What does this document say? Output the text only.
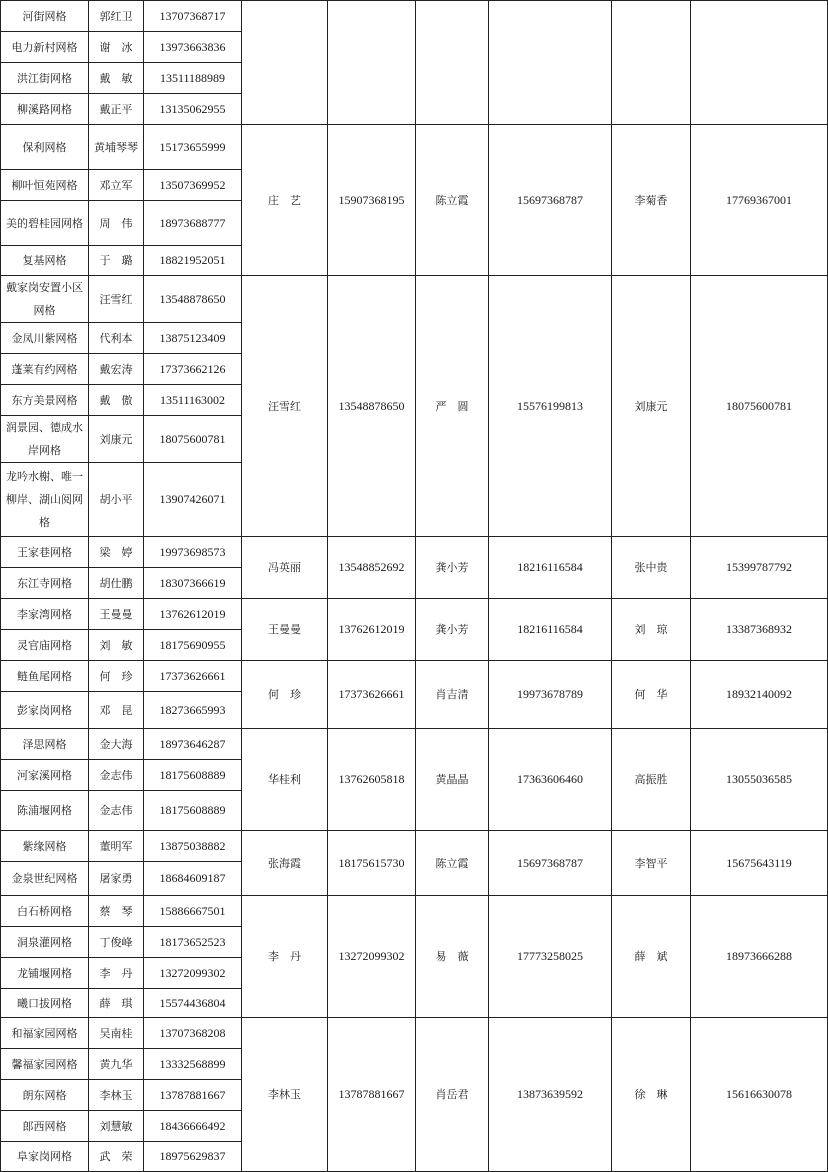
河街网格	郭红卫	13707368717						
电力新村网格	谢　冰	13973663836						
洪江街网格	戴　敏	13511188989						
柳溪路网格	戴正平	13135062955						
保利网格	黄埔琴琴	15173655999	庄　艺	15907368195	陈立霞	15697368787	李菊香	17769367001
柳叶恒苑网格	邓立军	13507369952						
美的碧桂园网格	周　伟	18973688777						
复基网格	于　璐	18821952051						
戴家岗安置小区网格	汪雪红	13548878650	汪雪红	13548878650	严　圆	15576199813	刘康元	18075600781
金凤川紫网格	代利本	13875123409						
蓬莱有约网格	戴宏涛	17373662126						
东方美景网格	戴　傲	13511163002						
润景园、德成水岸网格	刘康元	18075600781						
龙吟水榭、唯一柳岸、湖山阅网格	胡小平	13907426071						
王家巷网格	梁　婷	19973698573	冯英丽	13548852692	龚小芳	18216116584	张中贵	15399787792
东江寺网格	胡仕鹏	18307366619						
李家湾网格	王曼曼	13762612019	王曼曼	13762612019	龚小芳	18216116584	刘　琼	13387368932
灵官庙网格	刘　敏	18175690955						
鲢鱼尾网格	何　珍	17373626661	何　珍	17373626661	肖吉清	19973678789	何　华	18932140092
彭家岗网格	邓　昆	18273665993						
泽思网格	金大海	18973646287	华桂利	13762605818	黄晶晶	17363606460	高振胜	13055036585
河家溪网格	金志伟	18175608889						
陈浦堰网格	金志伟	18175608889						
紫缘网格	董明军	13875038882	张海霞	18175615730	陈立霞	15697368787	李智平	15675643119
金泉世纪网格	屠家勇	18684609187						
白石桥网格	蔡　琴	15886667501	李　丹	13272099302	易　薇	17773258025	薛　斌	18973666288
洞泉灌网格	丁俊峰	18173652523						
龙铺堰网格	李　丹	13272099302						
曦口拔网格	薛　琪	15574436804						
和福家园网格	吴南桂	13707368208	李林玉	13787881667	肖岳君	13873639592	徐　琳	15616630078
馨福家园网格	黄九华	13332568899						
朗东网格	李林玉	13787881667						
郎西网格	刘慧敏	18436666492						
阜家岗网格	武　荣	18975629837						
